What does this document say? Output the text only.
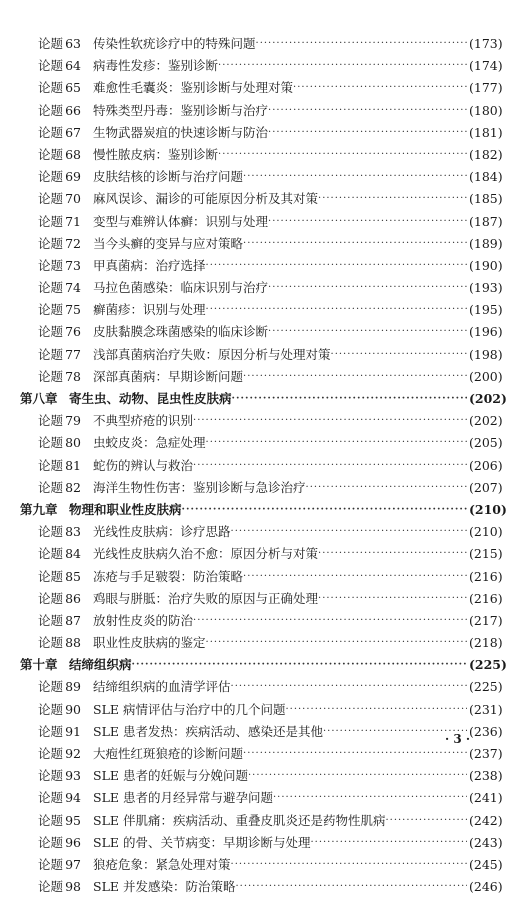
论题 63 传染性软疣诊疗中的特殊问题 ·····	(173)
论题 64 病毒性发疹：鉴别诊断 ·····	(174)
论题 65 难愈性毛囊炎：鉴别诊断与处理对策 ·····	(177)
论题 66 特殊类型丹毒：鉴别诊断与治疗 ·····	(180)
论题 67 生物武器炭疽的快速诊断与防治 ·····	(181)
论题 68 慢性脓皮病：鉴别诊断 ·····	(182)
论题 69 皮肤结核的诊断与治疗问题 ·····	(184)
论题 70 麻风误诊、漏诊的可能原因分析及其对策 ·····	(185)
论题 71 变型与难辨认体癣：识别与处理 ·····	(187)
论题 72 当今头癣的变异与应对策略 ·····	(189)
论题 73 甲真菌病：治疗选择 ·····	(190)
论题 74 马拉色菌感染：临床识别与治疗 ·····	(193)
论题 75 癣菌疹：识别与处理 ·····	(195)
论题 76 皮肤黏膜念珠菌感染的临床诊断 ·····	(196)
论题 77 浅部真菌病治疗失败：原因分析与处理对策 ·····	(198)
论题 78 深部真菌病：早期诊断问题 ·····	(200)
第八章 寄生虫、动物、昆虫性皮肤病 ·····	(202)
论题 79 不典型疥疮的识别 ·····	(202)
论题 80 虫蛟皮炎：急症处理 ·····	(205)
论题 81 蛇伤的辨认与救治 ·····	(206)
论题 82 海洋生物性伤害：鉴别诊断与急诊治疗 ·····	(207)
第九章 物理和职业性皮肤病 ·····	(210)
论题 83 光线性皮肤病：诊疗思路 ·····	(210)
论题 84 光线性皮肤病久治不愈：原因分析与对策 ·····	(215)
论题 85 冻疮与手足皲裂：防治策略 ·····	(216)
论题 86 鸡眼与胼胝：治疗失败的原因与正确处理 ·····	(216)
论题 87 放射性皮炎的防治 ·····	(217)
论题 88 职业性皮肤病的鉴定 ·····	(218)
第十章 结缔组织病 ·····	(225)
论题 89 结缔组织病的血清学评估 ·····	(225)
论题 90 SLE 病情评估与治疗中的几个问题 ·····	(231)
论题 91 SLE 患者发热：疾病活动、感染还是其他 ·····	(236)
论题 92 大疱性红斑狼疮的诊断问题 ·····	(237)
论题 93 SLE 患者的妊娠与分娩问题 ·····	(238)
论题 94 SLE 患者的月经异常与避孕问题 ·····	(241)
论题 95 SLE 伴肌痛：疾病活动、重叠皮肌炎还是药物性肌病 ·····	(242)
论题 96 SLE 的骨、关节病变：早期诊断与处理 ·····	(243)
论题 97 狼疮危象：紧急处理对策 ·····	(245)
论题 98 SLE 并发感染：防治策略 ·····	(246)
· 3 ·
